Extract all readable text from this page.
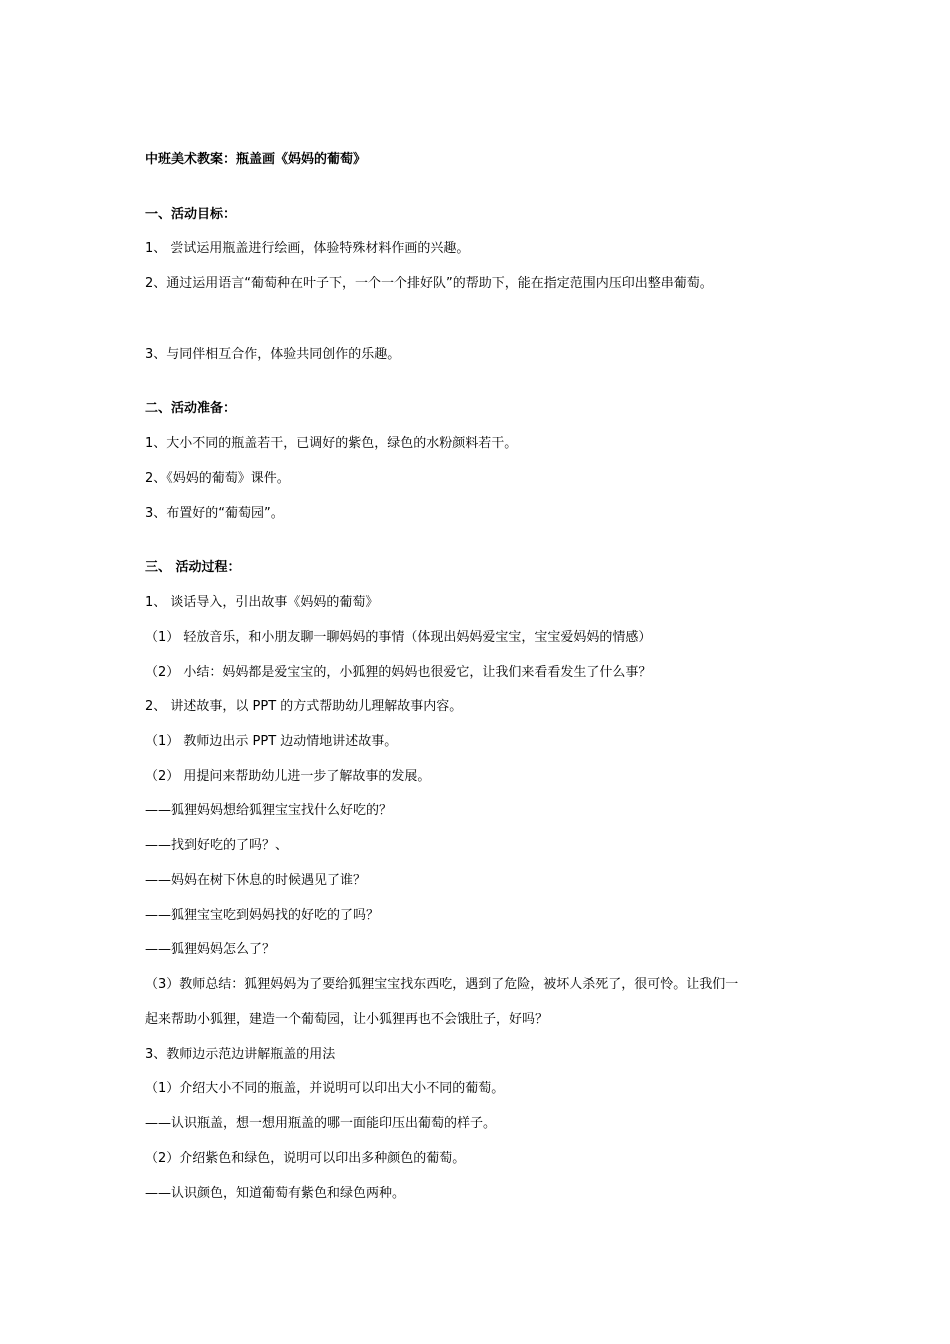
中班美术教案：瓶盖画《妈妈的葡萄》
一、活动目标：
1、 尝试运用瓶盖进行绘画，体验特殊材料作画的兴趣。
2、通过运用语言“葡萄种在叶子下，一个一个排好队”的帮助下，能在指定范围内压印出整串葡萄。
3、与同伴相互合作，体验共同创作的乐趣。
二、活动准备：
1、大小不同的瓶盖若干，已调好的紫色，绿色的水粉颜料若干。
2、《妈妈的葡萄》课件。
3、布置好的“葡萄园”。
三、 活动过程：
1、 谈话导入，引出故事《妈妈的葡萄》
（1） 轻放音乐，和小朋友聊一聊妈妈的事情（体现出妈妈爱宝宝，宝宝爱妈妈的情感）
（2） 小结：妈妈都是爱宝宝的，小狐狸的妈妈也很爱它，让我们来看看发生了什么事？
2、 讲述故事，以 PPT 的方式帮助幼儿理解故事内容。
（1） 教师边出示 PPT 边动情地讲述故事。
（2） 用提问来帮助幼儿进一步了解故事的发展。
——狐狸妈妈想给狐狸宝宝找什么好吃的？
——找到好吃的了吗？、
——妈妈在树下休息的时候遇见了谁？
——狐狸宝宝吃到妈妈找的好吃的了吗？
——狐狸妈妈怎么了？
（3）教师总结：狐狸妈妈为了要给狐狸宝宝找东西吃，遇到了危险，被坏人杀死了，很可怜。让我们一
起来帮助小狐狸，建造一个葡萄园，让小狐狸再也不会饿肚子，好吗？
3、教师边示范边讲解瓶盖的用法
（1）介绍大小不同的瓶盖，并说明可以印出大小不同的葡萄。
——认识瓶盖，想一想用瓶盖的哪一面能印压出葡萄的样子。
（2）介绍紫色和绿色，说明可以印出多种颜色的葡萄。
——认识颜色，知道葡萄有紫色和绿色两种。
